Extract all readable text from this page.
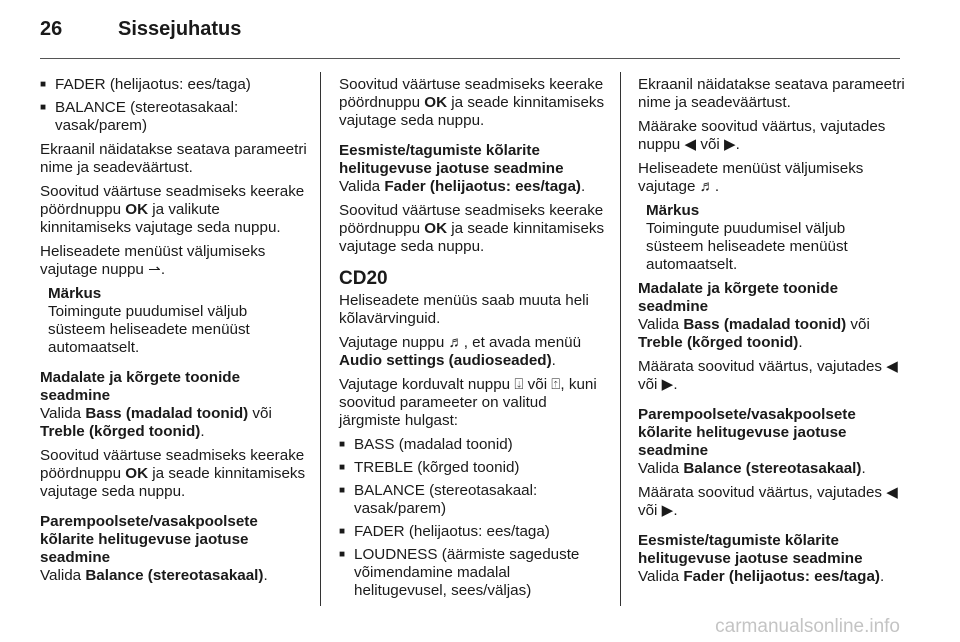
26	Sissejuhatus
■ FADER (helijaotus: ees/taga)
■ BALANCE (stereotasakaal: vasak/parem)

Ekraanil näidatakse seatava parameetri nime ja seadeväärtust.

Soovitud väärtuse seadmiseks keerake pöördnuppu OK ja valikute kinnitamiseks vajutage seda nuppu.

Heliseadete menüüst väljumiseks vajutage nuppu ⇀.

Märkus
Toimingute puudumisel väljub süsteem heliseadete menüüst automaatselt.
Madalate ja kõrgete toonide seadmine

Valida Bass (madalad toonid) või Treble (kõrged toonid).

Soovitud väärtuse seadmiseks keerake pöördnuppu OK ja seade kinnitamiseks vajutage seda nuppu.

Parempoolsete/vasakpoolsete kõlarite helitugevuse jaotuse seadmine

Valida Balance (stereotasakaal).

Soovitud väärtuse seadmiseks keerake pöördnuppu OK ja seade kinnitamiseks vajutage seda nuppu.

Eesmiste/tagumiste kõlarite helitugevuse jaotuse seadmine

Valida Fader (helijaotus: ees/taga).

Soovitud väärtuse seadmiseks keerake pöördnuppu OK ja seade kinnitamiseks vajutage seda nuppu.

CD20

Heliseadete menüüs saab muuta heli kõlavärvinguid.

Vajutage nuppu ♬, et avada menüü Audio settings (audioseaded).

Vajutage korduvalt nuppu ⍗ või ⍐, kuni soovitud parameeter on valitud järgmiste hulgast:

■ BASS (madalad toonid)
■ TREBLE (kõrged toonid)
■ BALANCE (stereotasakaal: vasak/parem)
■ FADER (helijaotus: ees/taga)
■ LOUDNESS (äärmiste sageduste võimendamine madalal helitugevusel, sees/väljas)

Ekraanil näidatakse seatava parameetri nime ja seadeväärtust.

Määrake soovitud väärtus, vajutades nuppu ◀ või ▶.

Heliseadete menüüst väljumiseks vajutage ♬.

Märkus
Toimingute puudumisel väljub süsteem heliseadete menüüst automaatselt.
Madalate ja kõrgete toonide seadmine

Valida Bass (madalad toonid) või Treble (kõrged toonid).

Määrata soovitud väärtus, vajutades ◀ või ▶.

Parempoolsete/vasakpoolsete kõlarite helitugevuse jaotuse seadmine

Valida Balance (stereotasakaal).

Määrata soovitud väärtus, vajutades ◀ või ▶.

Eesmiste/tagumiste kõlarite helitugevuse jaotuse seadmine

Valida Fader (helijaotus: ees/taga).

carmanualsonline.info
